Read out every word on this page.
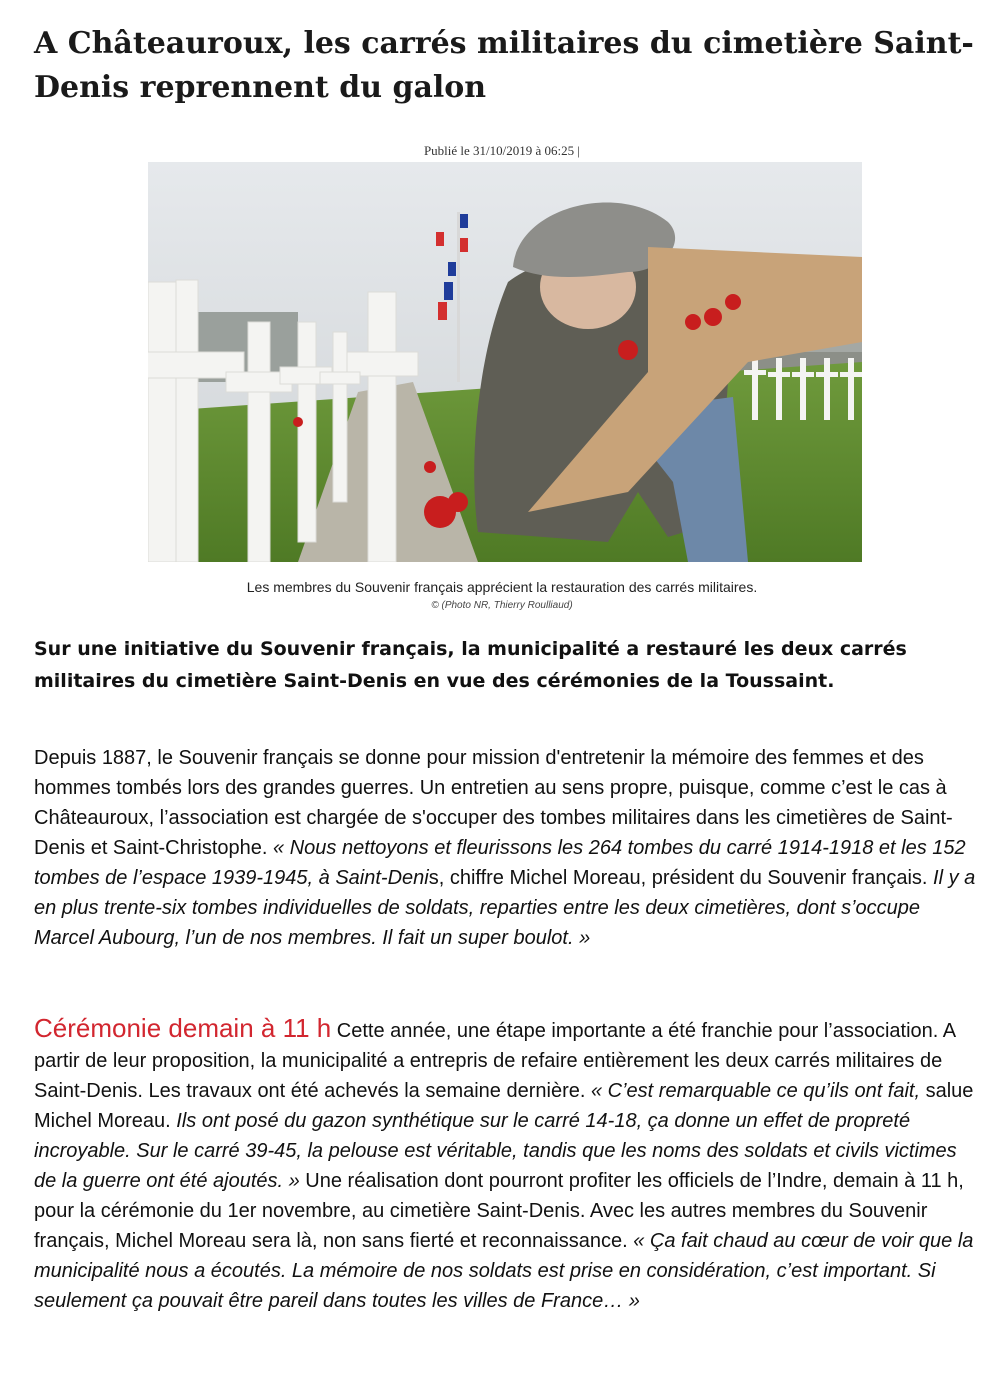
A Châteauroux, les carrés militaires du cimetière Saint-Denis reprennent du galon
Publié le 31/10/2019 à 06:25 |
Les membres du Souvenir français apprécient la restauration des carrés militaires.
© (Photo NR, Thierry Roulliaud)

Sur une initiative du Souvenir français, la municipalité a restauré les deux carrés militaires du cimetière Saint-Denis en vue des cérémonies de la Toussaint.

Depuis 1887, le Souvenir français se donne pour mission d'entretenir la mémoire des femmes et des hommes tombés lors des grandes guerres. Un entretien au sens propre, puisque, comme c’est le cas à Châteauroux, l’association est chargée de s'occuper des tombes militaires dans les cimetières de Saint-Denis et Saint-Christophe. « Nous nettoyons et fleurissons les 264 tombes du carré 1914-1918 et les 152 tombes de l’espace 1939-1945, à Saint-Denis, chiffre Michel Moreau, président du Souvenir français. Il y a en plus trente-six tombes individuelles de soldats, reparties entre les deux cimetières, dont s’occupe Marcel Aubourg, l’un de nos membres. Il fait un super boulot. »

Cérémonie demain à 11 h Cette année, une étape importante a été franchie pour l’association. A partir de leur proposition, la municipalité a entrepris de refaire entièrement les deux carrés militaires de Saint-Denis. Les travaux ont été achevés la semaine dernière. « C’est remarquable ce qu’ils ont fait, salue Michel Moreau. Ils ont posé du gazon synthétique sur le carré 14-18, ça donne un effet de propreté incroyable. Sur le carré 39-45, la pelouse est véritable, tandis que les noms des soldats et civils victimes de la guerre ont été ajoutés. » Une réalisation dont pourront profiter les officiels de l’Indre, demain à 11 h, pour la cérémonie du 1er novembre, au cimetière Saint-Denis. Avec les autres membres du Souvenir français, Michel Moreau sera là, non sans fierté et reconnaissance. « Ça fait chaud au cœur de voir que la municipalité nous a écoutés. La mémoire de nos soldats est prise en considération, c’est important. Si seulement ça pouvait être pareil dans toutes les villes de France… »
